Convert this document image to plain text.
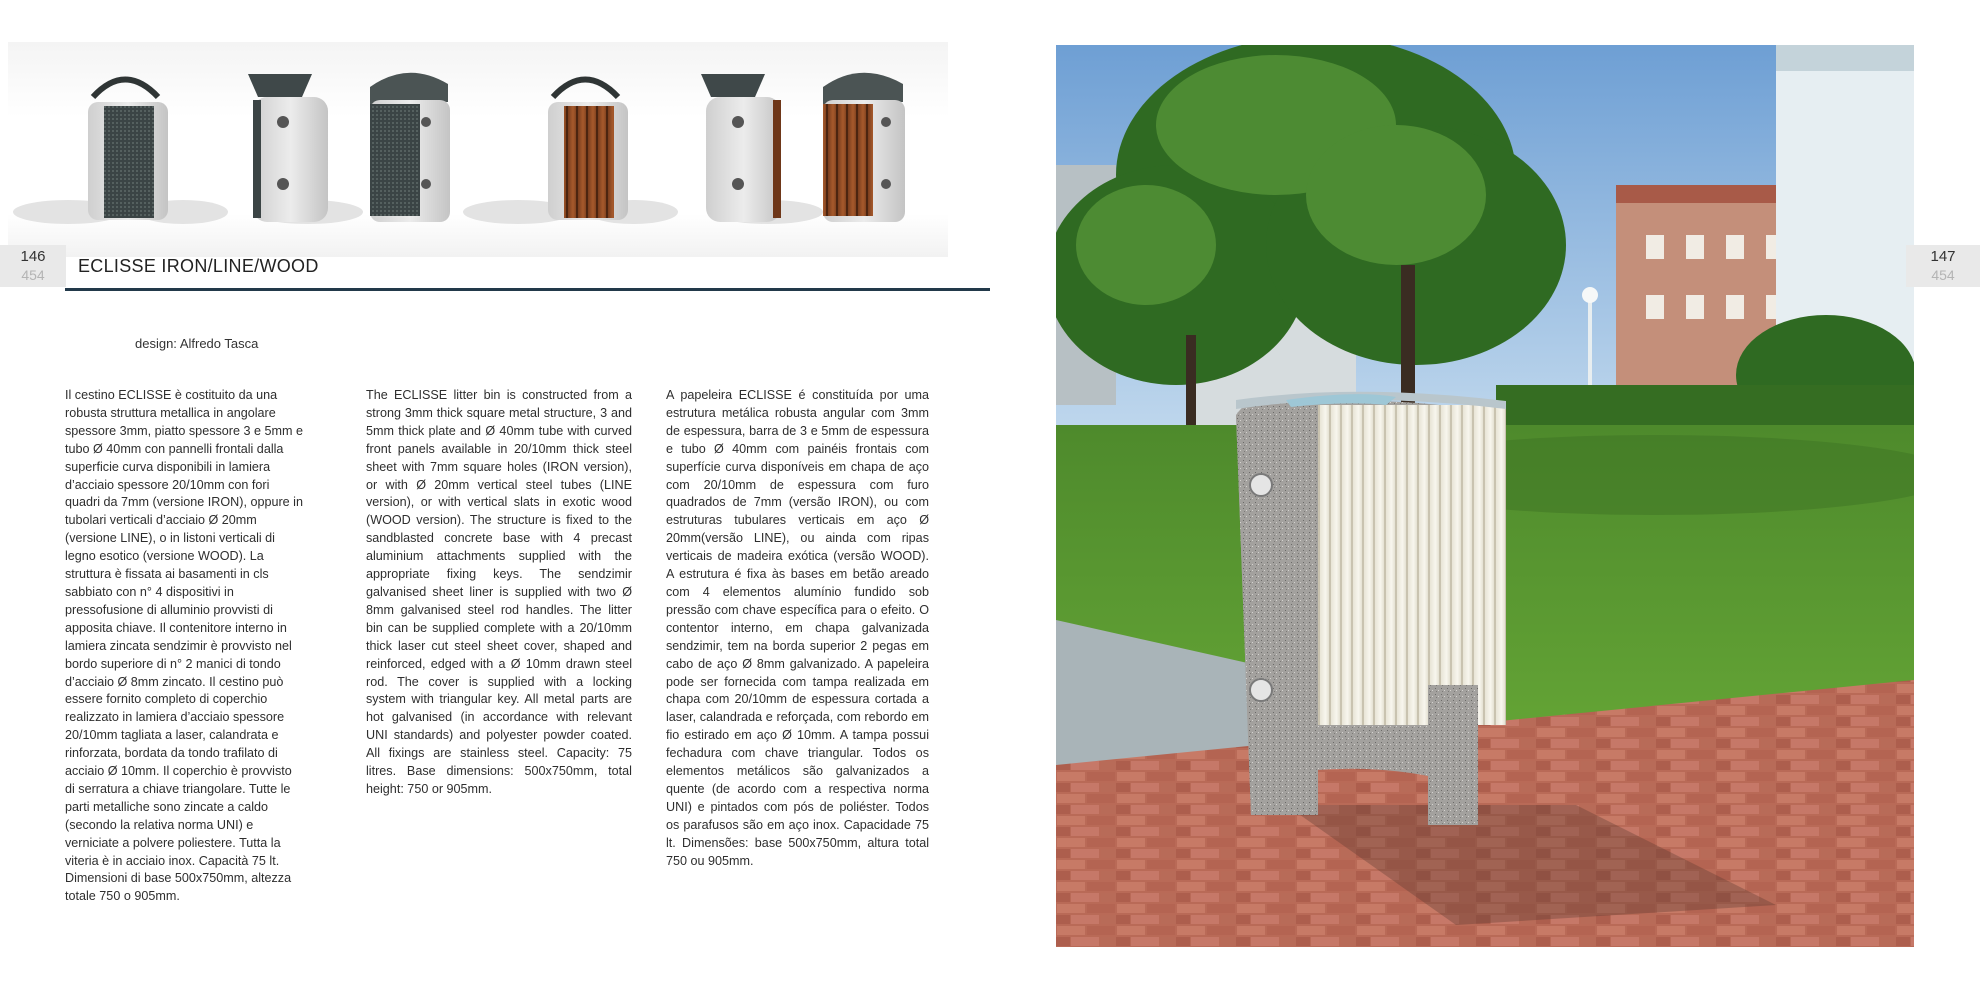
146
454	ECLISSE IRON/LINE/WOOD
design: Alfredo Tasca
Il cestino ECLISSE è costituito da una robusta struttura metallica in angolare spessore 3mm, piatto spessore 3 e 5mm e tubo Ø 40mm con pannelli frontali dalla superficie curva disponibili in lamiera d’acciaio spessore 20/10mm con fori quadri da 7mm (versione IRON), oppure in tubolari verticali d’acciaio Ø 20mm (versione LINE), o in listoni verticali di legno esotico (versione WOOD). La struttura è fissata ai basamenti in cls sabbiato con n° 4 dispositivi in pressofusione di alluminio provvisti di apposita chiave. Il contenitore interno in lamiera zincata sendzimir è provvisto nel bordo superiore di n° 2 manici di tondo d’acciaio Ø 8mm zincato. Il cestino può essere fornito completo di coperchio realizzato in lamiera d’acciaio spessore 20/10mm tagliata a laser, calandrata e rinforzata, bordata da tondo trafilato di acciaio Ø 10mm. Il coperchio è provvisto di serratura a chiave triangolare. Tutte le parti metalliche sono zincate a caldo (secondo la relativa norma UNI) e verniciate a polvere poliestere. Tutta la viteria è in acciaio inox. Capacità 75 lt. Dimensioni di base 500x750mm, altezza totale 750 o 905mm.
The ECLISSE litter bin is constructed from a strong 3mm thick square metal structure, 3 and 5mm thick plate and Ø 40mm tube with curved front panels available in 20/10mm thick steel sheet with 7mm square holes (IRON version), or with Ø 20mm vertical steel tubes (LINE version), or with vertical slats in exotic wood (WOOD version). The structure is fixed to the sandblasted concrete base with 4 precast aluminium attachments supplied with the appropriate fixing keys. The sendzimir galvanised sheet liner is supplied with two Ø 8mm galvanised steel rod handles. The litter bin can be supplied complete with a 20/10mm thick laser cut steel sheet cover, shaped and reinforced, edged with a Ø 10mm drawn steel rod. The cover is supplied with a locking system with triangular key. All metal parts are hot galvanised (in accordance with relevant UNI standards) and polyester powder coated. All fixings are stainless steel. Capacity: 75 litres. Base dimensions: 500x750mm, total height: 750 or 905mm.
A papeleira ECLISSE é constituída por uma estrutura metálica robusta angular com 3mm de espessura, barra de 3 e 5mm de espessura e tubo Ø 40mm com painéis frontais com superfície curva disponíveis em chapa de aço com 20/10mm de espessura com furo quadrados de 7mm (versão IRON), ou com estruturas tubulares verticais em aço Ø 20mm(versão LINE), ou ainda com ripas verticais de madeira exótica (versão WOOD). A estrutura é fixa às bases em betão areado com 4 elementos alumínio fundido sob pressão com chave específica para o efeito. O contentor interno, em chapa galvanizada sendzimir, tem na borda superior 2 pegas em cabo de aço Ø 8mm galvanizado. A papeleira pode ser fornecida com tampa realizada em chapa com 20/10mm de espessura cortada a laser, calandrada e reforçada, com rebordo em fio estirado em aço Ø 10mm. A tampa possui fechadura com chave triangular. Todos os elementos metálicos são galvanizados a quente (de acordo com a respectiva norma UNI) e pintados com pós de poliéster. Todos os parafusos são em aço inox. Capacidade 75 lt. Dimensões: base 500x750mm, altura total 750 ou 905mm.
147
454
